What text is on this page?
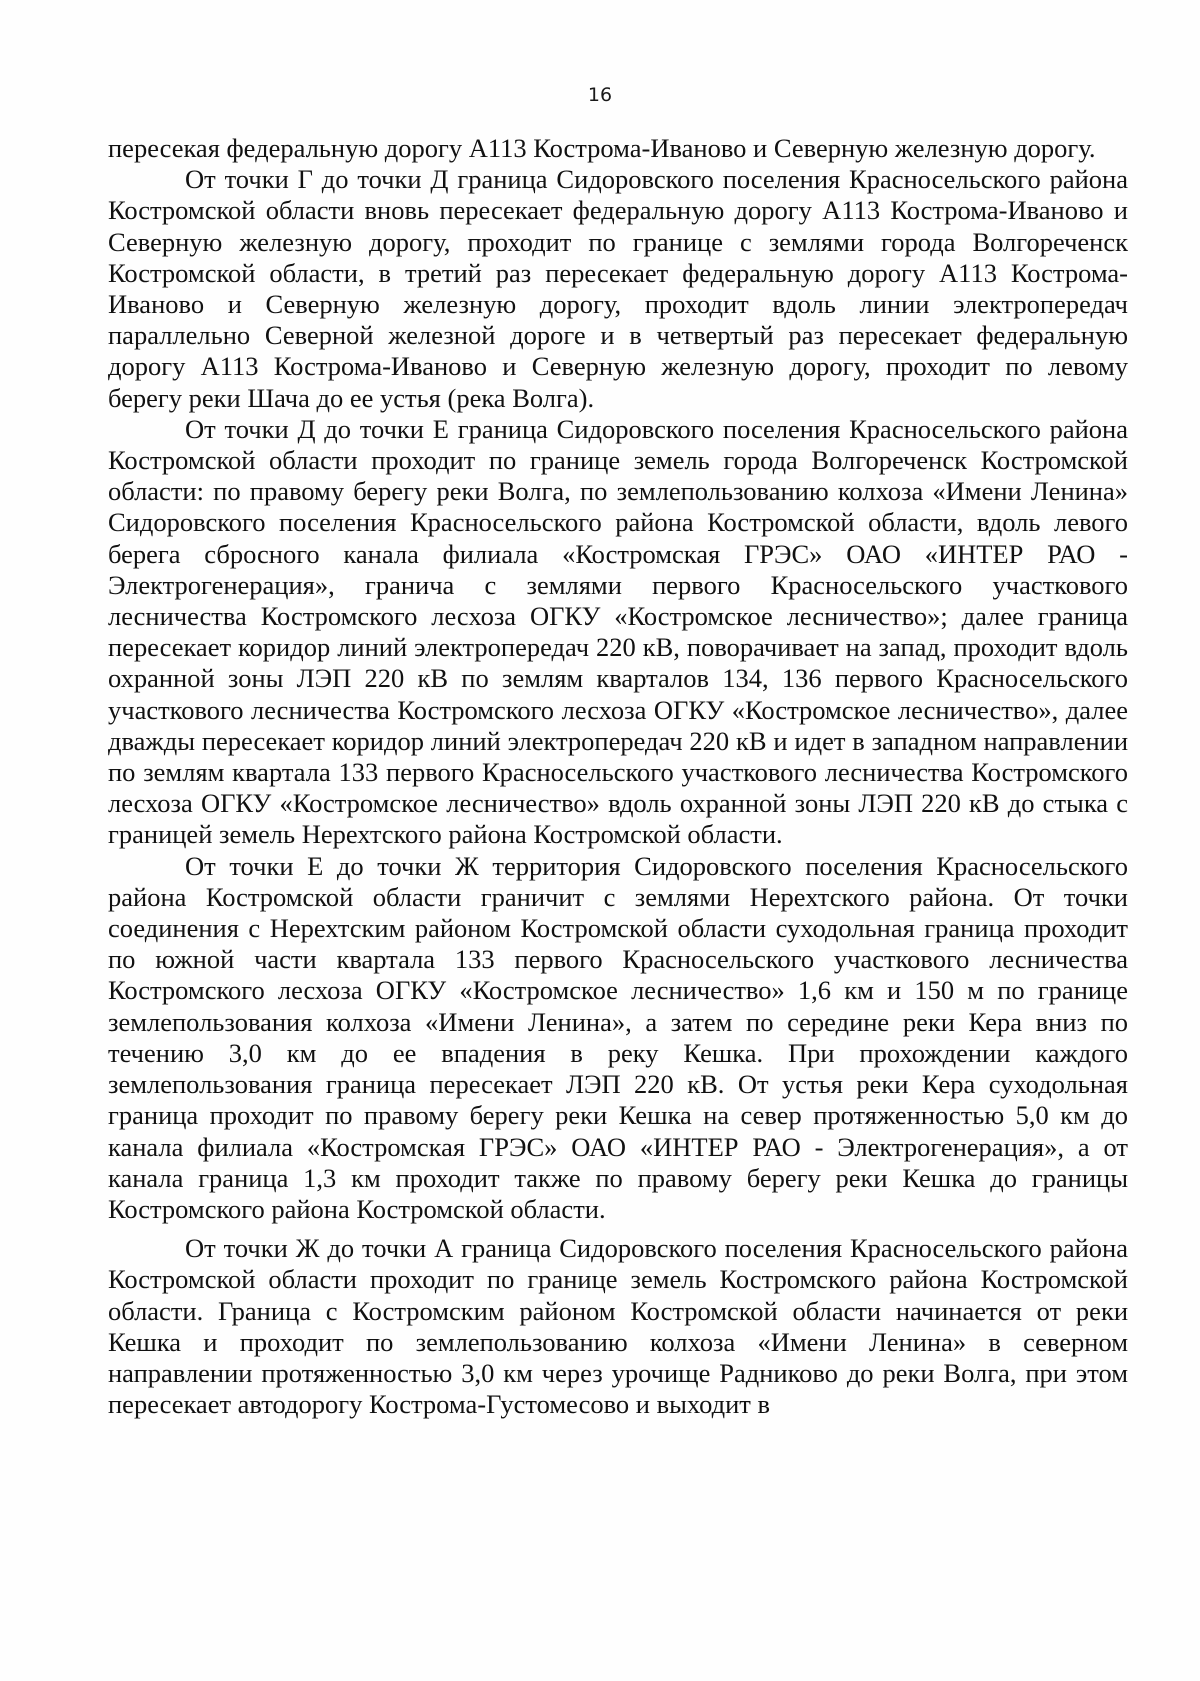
16

пересекая федеральную дорогу А113 Кострома-Иваново и Северную железную дорогу.

От точки Г до точки Д граница Сидоровского поселения Красносельского района Костромской области вновь пересекает федеральную дорогу А113 Кострома-Иваново и Северную железную дорогу, проходит по границе с землями города Волгореченск Костромской области, в третий раз пересекает федеральную дорогу А113 Кострома-Иваново и Северную железную дорогу, проходит вдоль линии электропередач параллельно Северной железной дороге и в четвертый раз пересекает федеральную дорогу А113 Кострома-Иваново и Северную железную дорогу, проходит по левому берегу реки Шача до ее устья (река Волга).

От точки Д до точки Е граница Сидоровского поселения Красносельского района Костромской области проходит по границе земель города Волгореченск Костромской области: по правому берегу реки Волга, по землепользованию колхоза «Имени Ленина» Сидоровского поселения Красносельского района Костромской области, вдоль левого берега сбросного канала филиала «Костромская ГРЭС» ОАО «ИНТЕР РАО - Электрогенерация», гранича с землями первого Красносельского участкового лесничества Костромского лесхоза ОГКУ «Костромское лесничество»; далее граница пересекает коридор линий электропередач 220 кВ, поворачивает на запад, проходит вдоль охранной зоны ЛЭП 220 кВ по землям кварталов 134, 136 первого Красносельского участкового лесничества Костромского лесхоза ОГКУ «Костромское лесничество», далее дважды пересекает коридор линий электропередач 220 кВ и идет в западном направлении по землям квартала 133 первого Красносельского участкового лесничества Костромского лесхоза ОГКУ «Костромское лесничество» вдоль охранной зоны ЛЭП 220 кВ до стыка с границей земель Нерехтского района Костромской области.

От точки Е до точки Ж территория Сидоровского поселения Красносельского района Костромской области граничит с землями Нерехтского района. От точки соединения с Нерехтским районом Костромской области суходольная граница проходит по южной части квартала 133 первого Красносельского участкового лесничества Костромского лесхоза ОГКУ «Костромское лесничество» 1,6 км и 150 м по границе землепользования колхоза «Имени Ленина», а затем по середине реки Кера вниз по течению 3,0 км до ее впадения в реку Кешка. При прохождении каждого землепользования граница пересекает ЛЭП 220 кВ. От устья реки Кера суходольная граница проходит по правому берегу реки Кешка на север протяженностью 5,0 км до канала филиала «Костромская ГРЭС» ОАО «ИНТЕР РАО - Электрогенерация», а от канала граница 1,3 км проходит также по правому берегу реки Кешка до границы Костромского района Костромской области.

От точки Ж до точки А граница Сидоровского поселения Красносельского района Костромской области проходит по границе земель Костромского района Костромской области. Граница с Костромским районом Костромской области начинается от реки Кешка и проходит по землепользованию колхоза «Имени Ленина» в северном направлении протяженностью 3,0 км через урочище Радниково до реки Волга, при этом пересекает автодорогу Кострома-Густомесово и выходит в
